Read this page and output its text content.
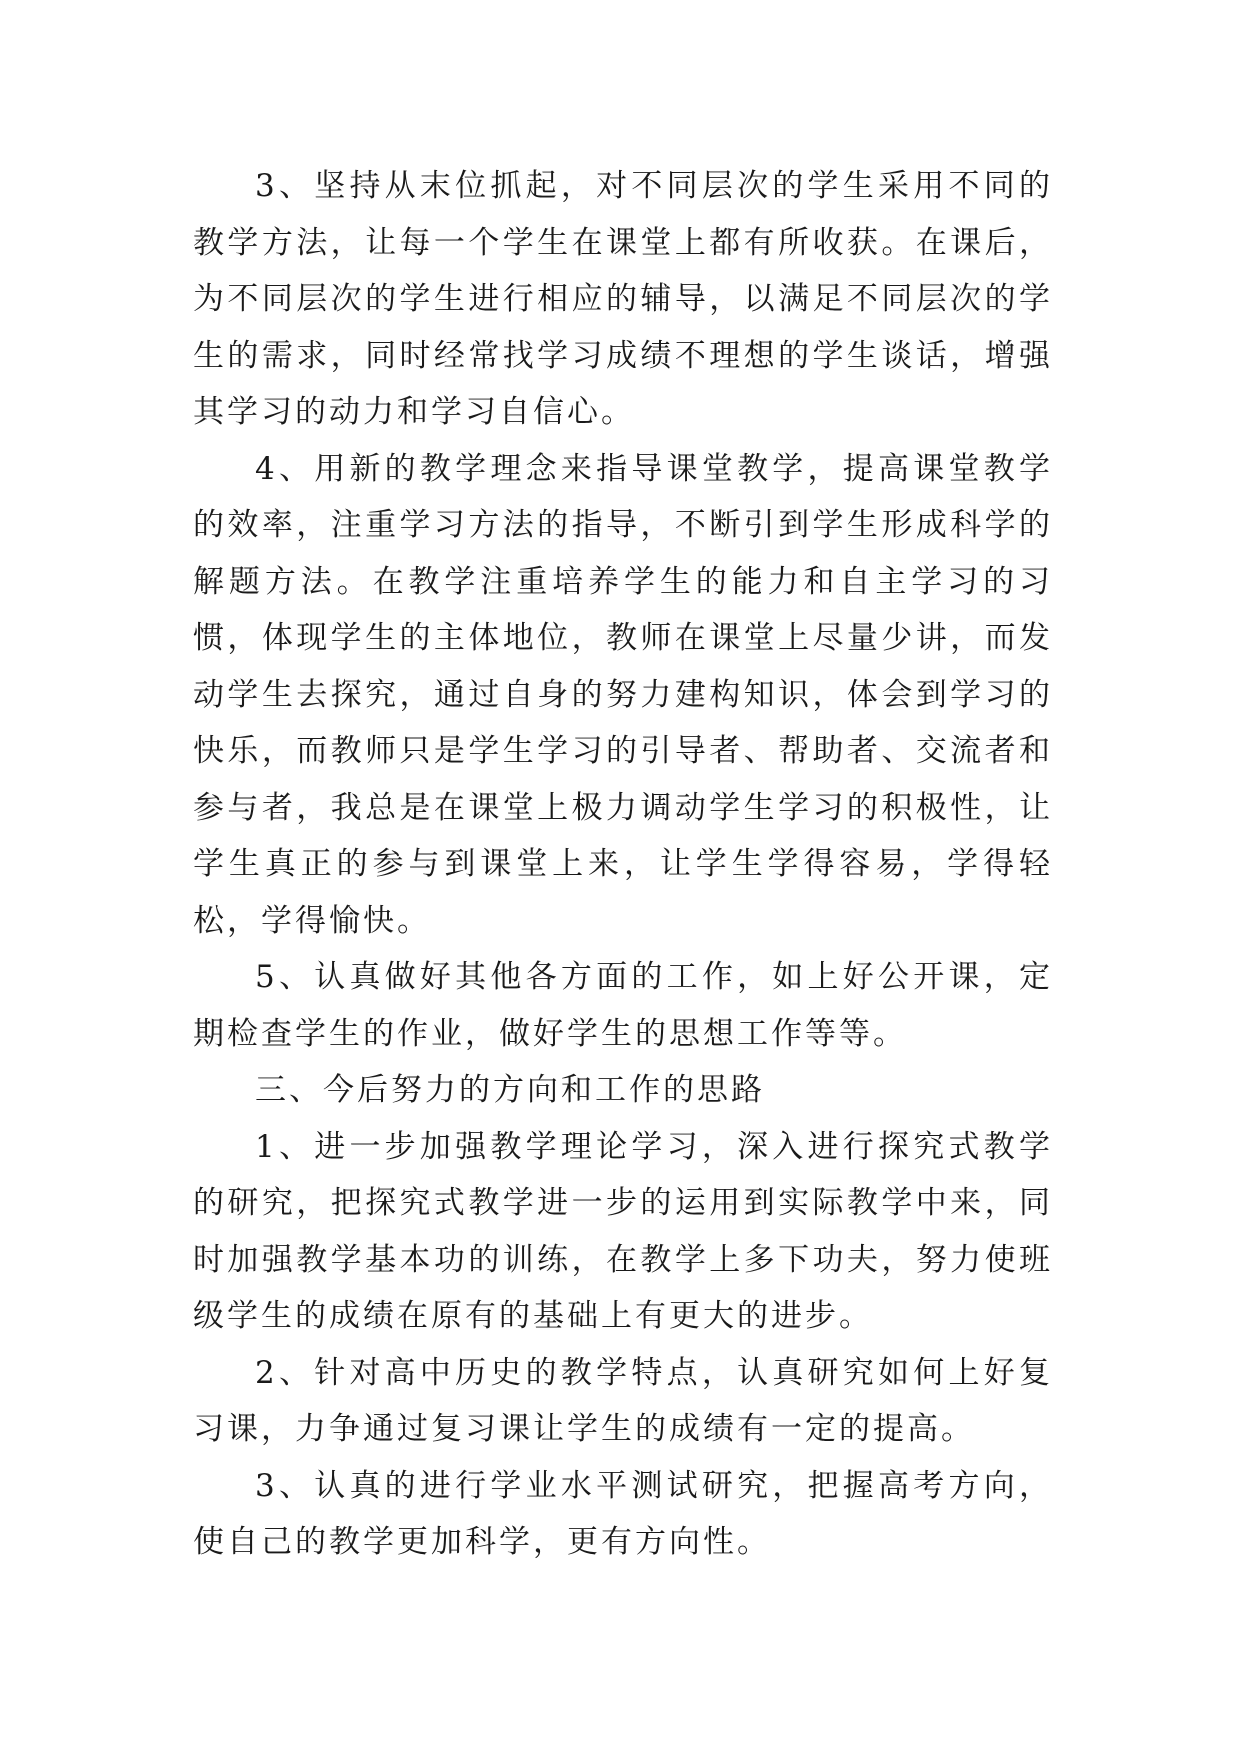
3、坚持从末位抓起，对不同层次的学生采用不同的教学方法，让每一个学生在课堂上都有所收获。在课后，为不同层次的学生进行相应的辅导，以满足不同层次的学生的需求，同时经常找学习成绩不理想的学生谈话，增强其学习的动力和学习自信心。

4、用新的教学理念来指导课堂教学，提高课堂教学的效率，注重学习方法的指导，不断引到学生形成科学的解题方法。在教学注重培养学生的能力和自主学习的习惯，体现学生的主体地位，教师在课堂上尽量少讲，而发动学生去探究，通过自身的努力建构知识，体会到学习的快乐，而教师只是学生学习的引导者、帮助者、交流者和参与者，我总是在课堂上极力调动学生学习的积极性，让学生真正的参与到课堂上来，让学生学得容易，学得轻松，学得愉快。

5、认真做好其他各方面的工作，如上好公开课，定期检查学生的作业，做好学生的思想工作等等。

三、今后努力的方向和工作的思路

1、进一步加强教学理论学习，深入进行探究式教学的研究，把探究式教学进一步的运用到实际教学中来，同时加强教学基本功的训练，在教学上多下功夫，努力使班级学生的成绩在原有的基础上有更大的进步。

2、针对高中历史的教学特点，认真研究如何上好复习课，力争通过复习课让学生的成绩有一定的提高。

3、认真的进行学业水平测试研究，把握高考方向，使自己的教学更加科学，更有方向性。
